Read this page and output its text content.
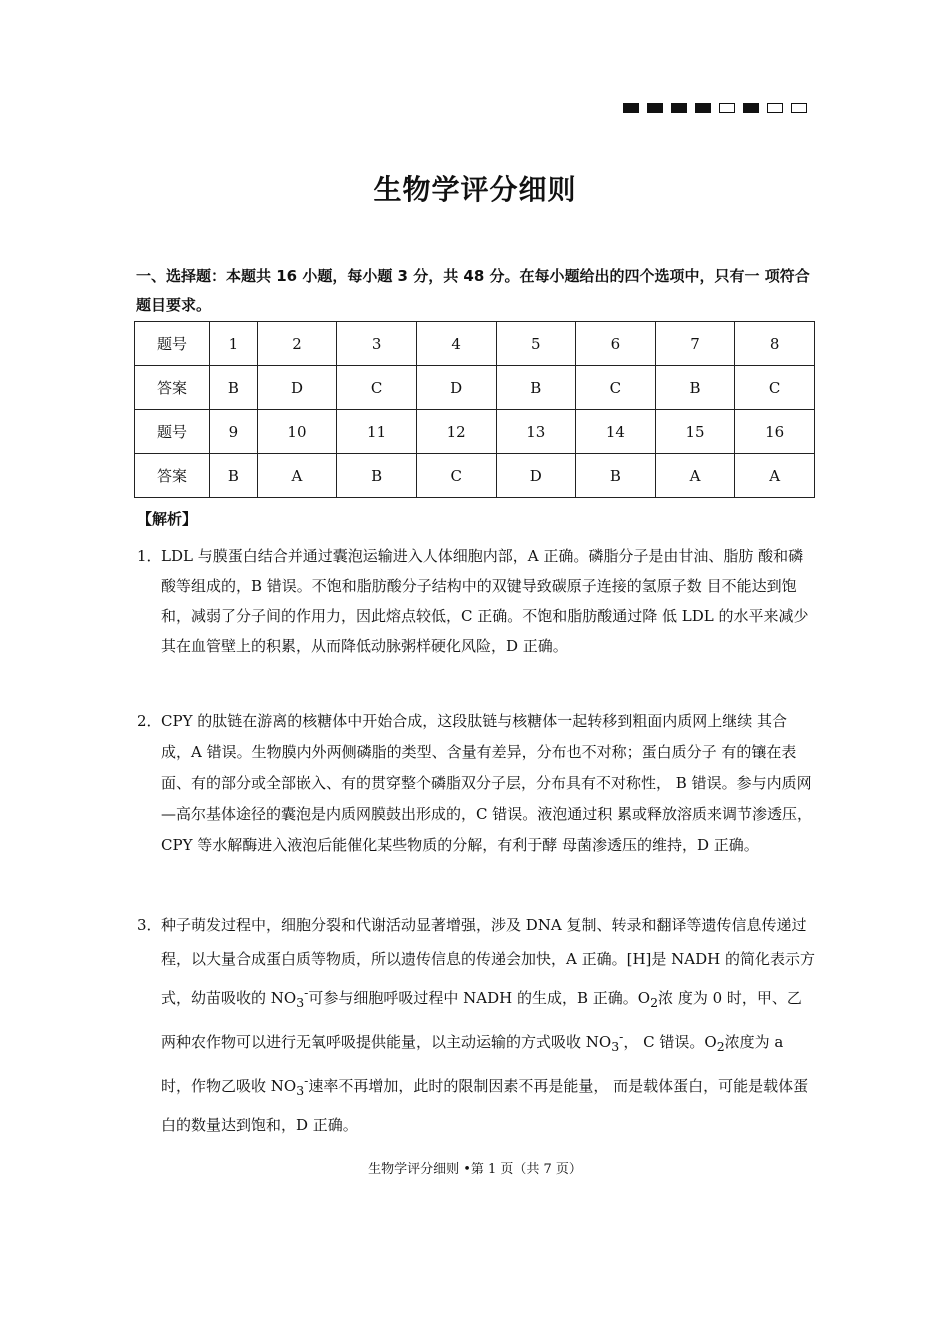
生物学评分细则
一、选择题：本题共 16 小题，每小题 3 分，共 48 分。在每小题给出的四个选项中，只有一 项符合题目要求。
题号	1	2	3	4	5	6	7	8
答案	B	D	C	D	B	C	B	C
题号	9	10	11	12	13	14	15	16
答案	B	A	B	C	D	B	A	A
【解析】
1． LDL 与膜蛋白结合并通过囊泡运输进入人体细胞内部，A 正确。磷脂分子是由甘油、脂肪 酸和磷酸等组成的，B 错误。不饱和脂肪酸分子结构中的双键导致碳原子连接的氢原子数 目不能达到饱和，减弱了分子间的作用力，因此熔点较低，C 正确。不饱和脂肪酸通过降 低 LDL 的水平来减少其在血管壁上的积累，从而降低动脉粥样硬化风险，D 正确。
2． CPY 的肽链在游离的核糖体中开始合成，这段肽链与核糖体一起转移到粗面内质网上继续 其合成，A 错误。生物膜内外两侧磷脂的类型、含量有差异，分布也不对称；蛋白质分子 有的镶在表面、有的部分或全部嵌入、有的贯穿整个磷脂双分子层，分布具有不对称性， B 错误。参与内质网—高尔基体途径的囊泡是内质网膜鼓出形成的，C 错误。液泡通过积 累或释放溶质来调节渗透压，CPY 等水解酶进入液泡后能催化某些物质的分解，有利于酵 母菌渗透压的维持，D 正确。
3． 种子萌发过程中，细胞分裂和代谢活动显著增强，涉及 DNA 复制、转录和翻译等遗传信息传递过程，以大量合成蛋白质等物质，所以遗传信息的传递会加快，A 正确。[H]是 NADH 的简化表示方式，幼苗吸收的 $NO_3^-$可参与细胞呼吸过程中 NADH 的生成，B 正确。$O_2$浓 度为 0 时，甲、乙两种农作物可以进行无氧呼吸提供能量，以主动运输的方式吸收 $NO_3^-$， C 错误。$O_2$浓度为 a 时，作物乙吸收 $NO_3^-$速率不再增加，此时的限制因素不再是能量， 而是载体蛋白，可能是载体蛋白的数量达到饱和，D 正确。
生物学评分细则 •第 1 页（共 7 页）
